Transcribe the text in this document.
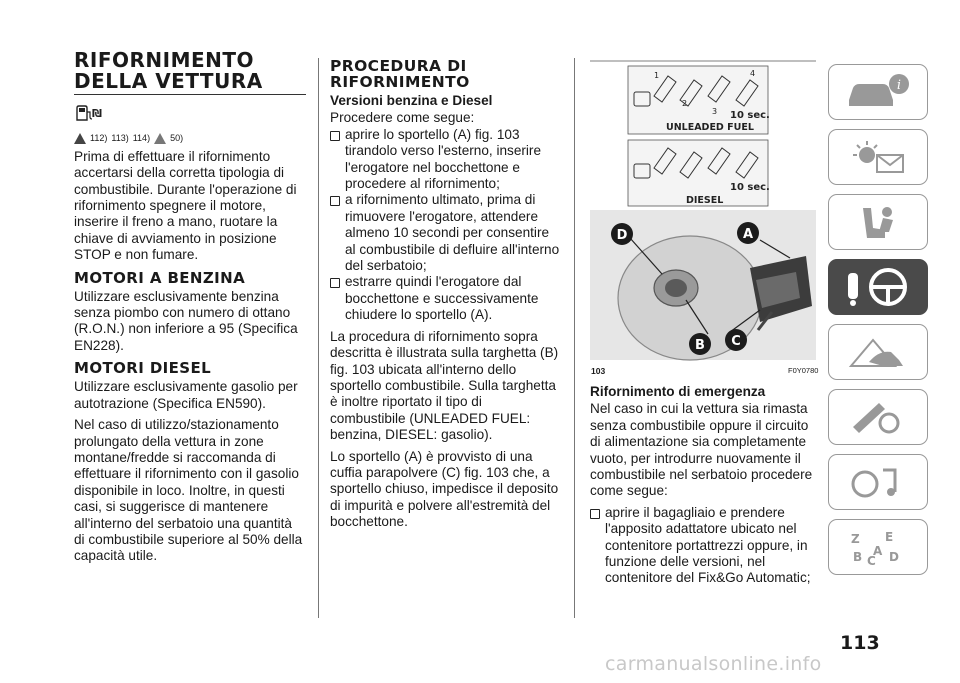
RIFORNIMENTO DELLA VETTURA
₪
112) 113) 114) 50)

Prima di effettuare il rifornimento accertarsi della corretta tipologia di combustibile. Durante l'operazione di rifornimento spegnere il motore, inserire il freno a mano, ruotare la chiave di avviamento in posizione STOP e non fumare.

MOTORI A BENZINA

Utilizzare esclusivamente benzina senza piombo con numero di ottano (R.O.N.) non inferiore a 95 (Specifica EN228).

MOTORI DIESEL

Utilizzare esclusivamente gasolio per autotrazione (Specifica EN590).

Nel caso di utilizzo/stazionamento prolungato della vettura in zone montane/fredde si raccomanda di effettuare il rifornimento con il gasolio disponibile in loco. Inoltre, in questi casi, si suggerisce di mantenere all'interno del serbatoio una quantità di combustibile superiore al 50% della capacità utile.

PROCEDURA DI RIFORNIMENTO
Versioni benzina e Diesel

Procedere come segue:

aprire lo sportello (A) fig. 103 tirandolo verso l'esterno, inserire l'erogatore nel bocchettone e procedere al rifornimento;
a rifornimento ultimato, prima di rimuovere l'erogatore, attendere almeno 10 secondi per consentire al combustibile di defluire all'interno del serbatoio;
estrarre quindi l'erogatore dal bocchettone e successivamente chiudere lo sportello (A).

La procedura di rifornimento sopra descritta è illustrata sulla targhetta (B) fig. 103 ubicata all'interno dello sportello combustibile. Sulla targhetta è inoltre riportato il tipo di combustibile (UNLEADED FUEL: benzina, DIESEL: gasolio).

Lo sportello (A) è provvisto di una cuffia parapolvere (C) fig. 103 che, a sportello chiuso, impedisce il deposito di impurità e polvere all'estremità del bocchettone.

1
2
3
4
10 sec.
UNLEADED FUEL
10 sec.
DIESEL
D	A
B C
103	F0Y0780
Rifornimento di emergenza

Nel caso in cui la vettura sia rimasta senza combustibile oppure il circuito di alimentazione sia completamente vuoto, per introdurre nuovamente il combustibile nel serbatoio procedere come segue:

aprire il bagagliaio e prendere l'apposito adattatore ubicato nel contenitore portattrezzi oppure, in funzione delle versioni, nel contenitore del Fix&Go Automatic;
i
Z E
B A D
C
113
carmanualsonline.info
